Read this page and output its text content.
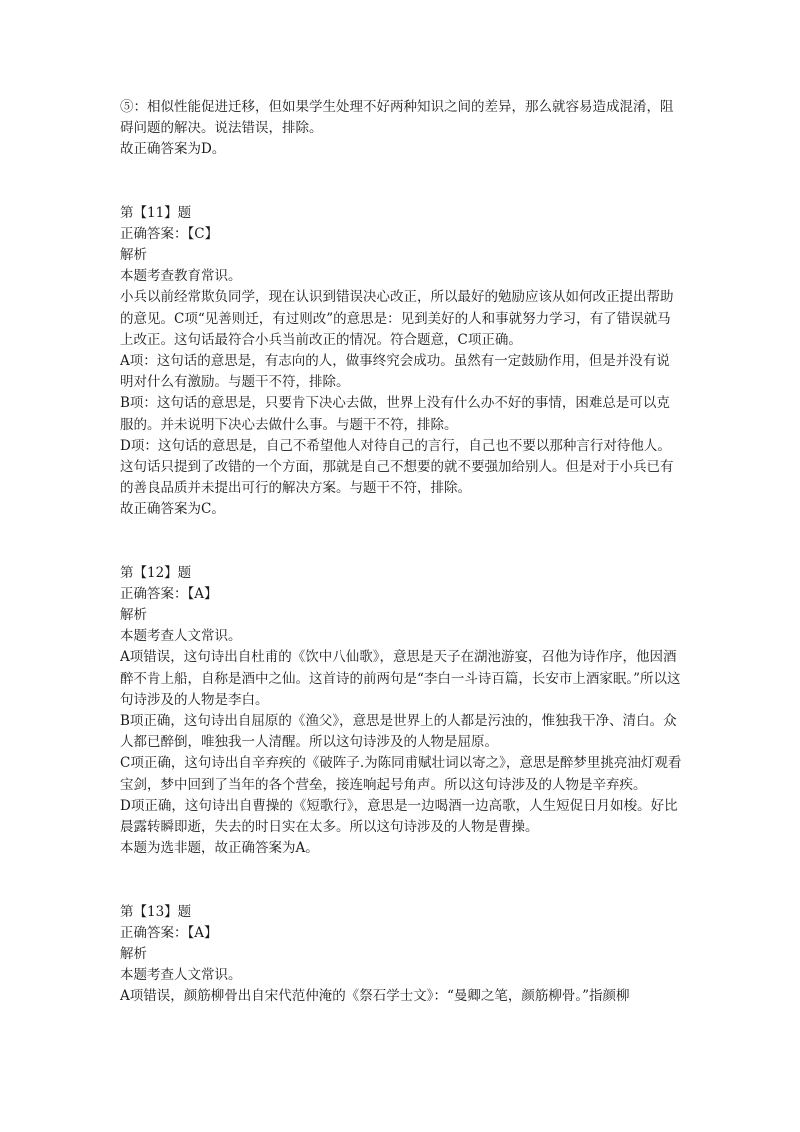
⑤：相似性能促进迁移，但如果学生处理不好两种知识之间的差异，那么就容易造成混淆，阻碍问题的解决。说法错误，排除。

故正确答案为D。

第【11】题

正确答案：【C】

解析

本题考查教育常识。

小兵以前经常欺负同学，现在认识到错误决心改正，所以最好的勉励应该从如何改正提出帮助的意见。C项“见善则迁，有过则改”的意思是：见到美好的人和事就努力学习，有了错误就马上改正。这句话最符合小兵当前改正的情况。符合题意，C项正确。

A项：这句话的意思是，有志向的人，做事终究会成功。虽然有一定鼓励作用，但是并没有说明对什么有激励。与题干不符，排除。

B项：这句话的意思是，只要肯下决心去做，世界上没有什么办不好的事情，困难总是可以克服的。并未说明下决心去做什么事。与题干不符，排除。

D项：这句话的意思是，自己不希望他人对待自己的言行，自己也不要以那种言行对待他人。这句话只提到了改错的一个方面，那就是自己不想要的就不要强加给别人。但是对于小兵已有的善良品质并未提出可行的解决方案。与题干不符，排除。

故正确答案为C。

第【12】题

正确答案：【A】

解析

本题考查人文常识。

A项错误，这句诗出自杜甫的《饮中八仙歌》，意思是天子在湖池游宴，召他为诗作序，他因酒醉不肯上船，自称是酒中之仙。这首诗的前两句是“李白一斗诗百篇，长安市上酒家眠。”所以这句诗涉及的人物是李白。

B项正确，这句诗出自屈原的《渔父》，意思是世界上的人都是污浊的，惟独我干净、清白。众人都已醉倒，唯独我一人清醒。所以这句诗涉及的人物是屈原。

C项正确，这句诗出自辛弃疾的《破阵子.为陈同甫赋壮词以寄之》，意思是醉梦里挑亮油灯观看宝剑，梦中回到了当年的各个营垒，接连响起号角声。所以这句诗涉及的人物是辛弃疾。

D项正确，这句诗出自曹操的《短歌行》，意思是一边喝酒一边高歌，人生短促日月如梭。好比晨露转瞬即逝，失去的时日实在太多。所以这句诗涉及的人物是曹操。

本题为选非题，故正确答案为A。

第【13】题

正确答案：【A】

解析

本题考查人文常识。

A项错误，颜筋柳骨出自宋代范仲淹的《祭石学士文》：“曼卿之笔，颜筋柳骨。”指颜柳
